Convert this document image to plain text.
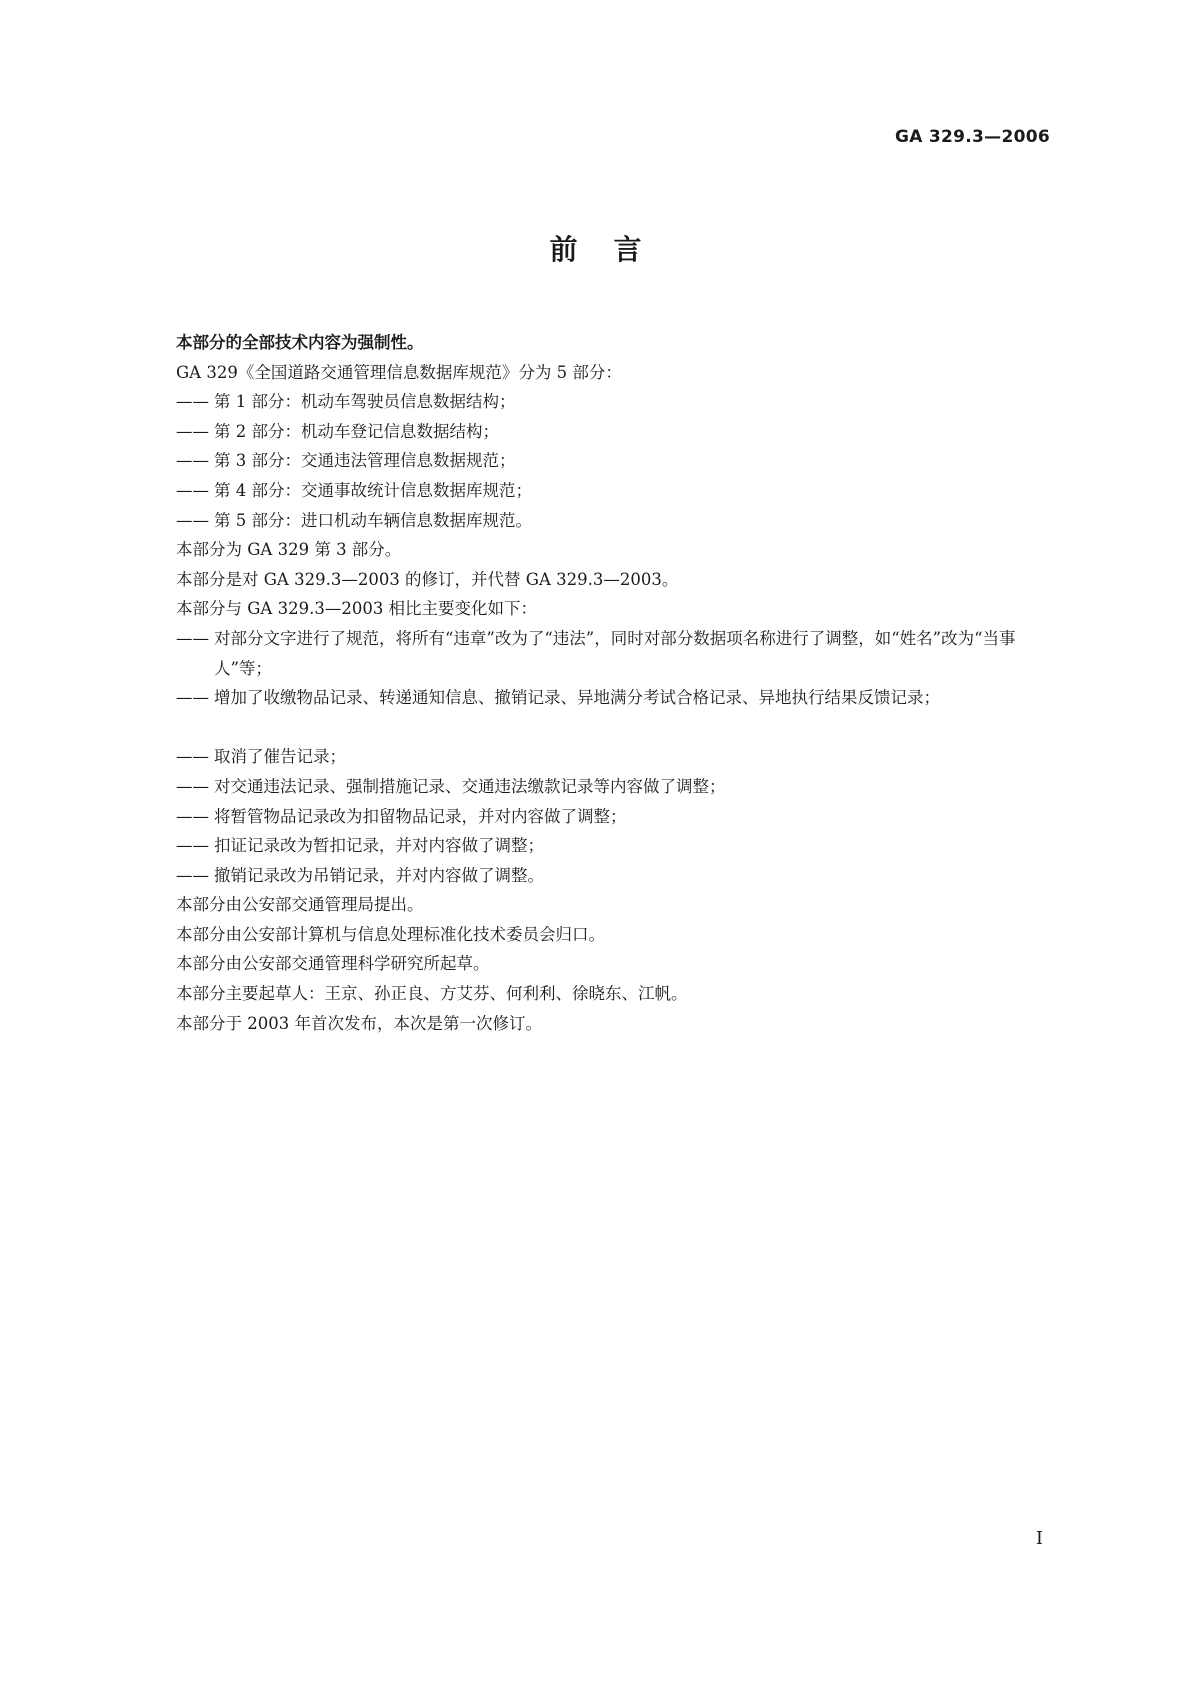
GA 329.3—2006
前言
本部分的全部技术内容为强制性。
GA 329《全国道路交通管理信息数据库规范》分为 5 部分：
—— 第 1 部分：机动车驾驶员信息数据结构；
—— 第 2 部分：机动车登记信息数据结构；
—— 第 3 部分：交通违法管理信息数据规范；
—— 第 4 部分：交通事故统计信息数据库规范；
—— 第 5 部分：进口机动车辆信息数据库规范。
本部分为 GA 329 第 3 部分。
本部分是对 GA 329.3—2003 的修订，并代替 GA 329.3—2003。
本部分与 GA 329.3—2003 相比主要变化如下：
—— 对部分文字进行了规范，将所有“违章”改为了“违法”，同时对部分数据项名称进行了调整，如“姓名”改为“当事人”等；
—— 增加了收缴物品记录、转递通知信息、撤销记录、异地满分考试合格记录、异地执行结果反馈记录；
—— 取消了催告记录；
—— 对交通违法记录、强制措施记录、交通违法缴款记录等内容做了调整；
—— 将暂管物品记录改为扣留物品记录，并对内容做了调整；
—— 扣证记录改为暂扣记录，并对内容做了调整；
—— 撤销记录改为吊销记录，并对内容做了调整。
本部分由公安部交通管理局提出。
本部分由公安部计算机与信息处理标准化技术委员会归口。
本部分由公安部交通管理科学研究所起草。
本部分主要起草人：王京、孙正良、方艾芬、何利利、徐晓东、江帆。
本部分于 2003 年首次发布，本次是第一次修订。
I
